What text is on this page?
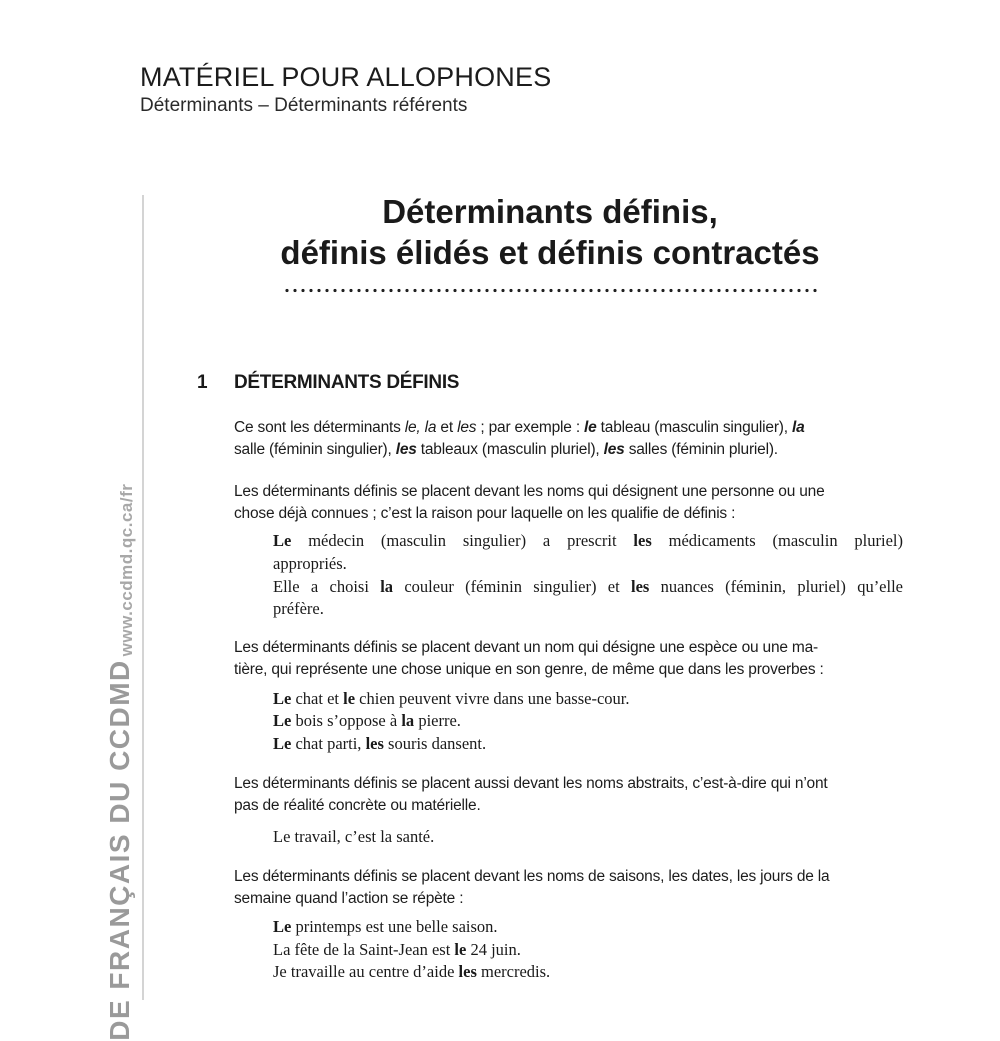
MATÉRIEL POUR ALLOPHONES
Déterminants – Déterminants référents
www.ccdmd.qc.ca/fr
DE FRANÇAIS DU CCDMD
Déterminants définis,
définis élidés et définis contractés
1 DÉTERMINANTS DÉFINIS
Ce sont les déterminants le, la et les ; par exemple : le tableau (masculin singulier), la
salle (féminin singulier), les tableaux (masculin pluriel), les salles (féminin pluriel).
Les déterminants définis se placent devant les noms qui désignent une personne ou une
chose déjà connues ; c’est la raison pour laquelle on les qualifie de définis :
Le médecin (masculin singulier) a prescrit les médicaments (masculin pluriel)
appropriés.
Elle a choisi la couleur (féminin singulier) et les nuances (féminin, pluriel) qu’elle
préfère.
Les déterminants définis se placent devant un nom qui désigne une espèce ou une ma-
tière, qui représente une chose unique en son genre, de même que dans les proverbes :
Le chat et le chien peuvent vivre dans une basse-cour.
Le bois s’oppose à la pierre.
Le chat parti, les souris dansent.
Les déterminants définis se placent aussi devant les noms abstraits, c’est-à-dire qui n’ont
pas de réalité concrète ou matérielle.
Le travail, c’est la santé.
Les déterminants définis se placent devant les noms de saisons, les dates, les jours de la
semaine quand l’action se répète :
Le printemps est une belle saison.
La fête de la Saint-Jean est le 24 juin.
Je travaille au centre d’aide les mercredis.
